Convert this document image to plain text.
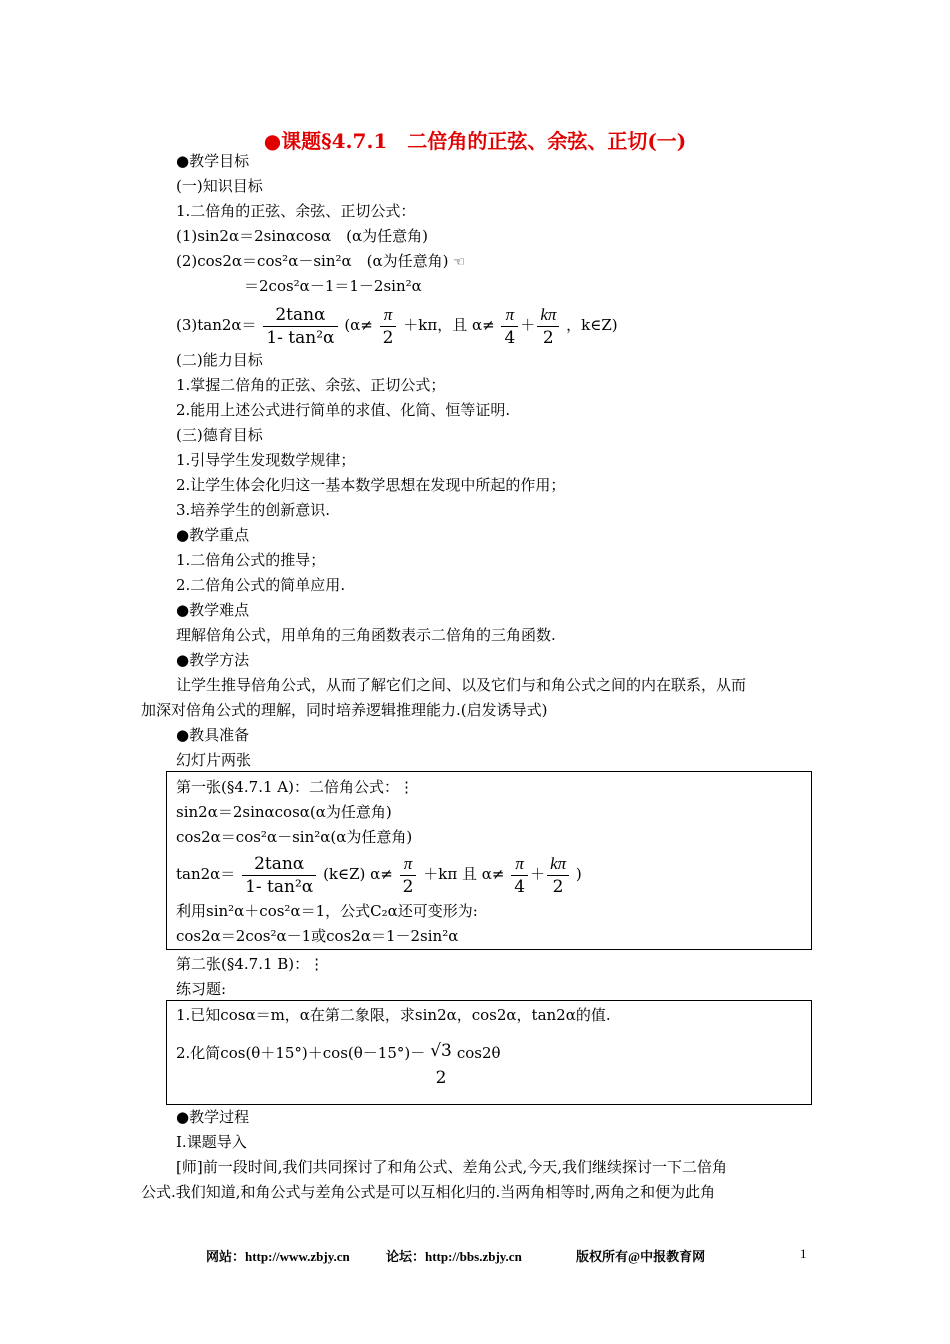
●课题§4.7.1　二倍角的正弦、余弦、正切(一)
●教学目标
(一)知识目标
1.二倍角的正弦、余弦、正切公式：
(1)sin2α＝2sinαcosα　(α为任意角)
(2)cos2α＝cos²α－sin²α　(α为任意角) ☜
＝2cos²α－1＝1－2sin²α
$(3)\tan 2\alpha= \frac{2\tan\alpha}{\text{1- tan²α}} (\alpha\ne \frac{\pi}{2} +k\pi$，且 $\alpha\ne \frac{\pi}{4} + \frac{k\pi}{2}$ ，k∈Z)
(二)能力目标
1.掌握二倍角的正弦、余弦、正切公式；
2.能用上述公式进行简单的求值、化简、恒等证明.
(三)德育目标
1.引导学生发现数学规律；
2.让学生体会化归这一基本数学思想在发现中所起的作用；
3.培养学生的创新意识.
●教学重点
1.二倍角公式的推导；
2.二倍角公式的简单应用.
●教学难点
理解倍角公式，用单角的三角函数表示二倍角的三角函数.
●教学方法
让学生推导倍角公式，从而了解它们之间、以及它们与和角公式之间的内在联系，从而
加深对倍角公式的理解，同时培养逻辑推理能力.(启发诱导式)
●教具准备
幻灯片两张
第一张(§4.7.1 A)：二倍角公式：⋮
sin2α＝2sinαcosα(α为任意角)
cos2α＝cos²α－sin²α(α为任意角)
$\tan 2\alpha= \frac{2\tan\alpha}{\text{1- tan²α}}$ (k∈Z) $\alpha\ne \frac{\pi}{2} +k\pi$ 且 $\alpha\ne \frac{\pi}{4} + \frac{k\pi}{2}$ )
利用sin²α＋cos²α＝1，公式C₂α还可变形为:
cos2α＝2cos²α－1或cos2α＝1－2sin²α
第二张(§4.7.1 B)：⋮
练习题:
1.已知cosα＝m，α在第二象限，求sin2α，cos2α，tan2α的值.
2.化简cos(θ＋15°)＋cos(θ－15°)－ √3
2
cos2θ
●教学过程
Ⅰ.课题导入
[师]前一段时间,我们共同探讨了和角公式、差角公式,今天,我们继续探讨一下二倍角
公式.我们知道,和角公式与差角公式是可以互相化归的.当两角相等时,两角之和便为此角
网站：http://www.zbjy.cn	论坛：http://bbs.zbjy.cn	版权所有@中报教育网	1
